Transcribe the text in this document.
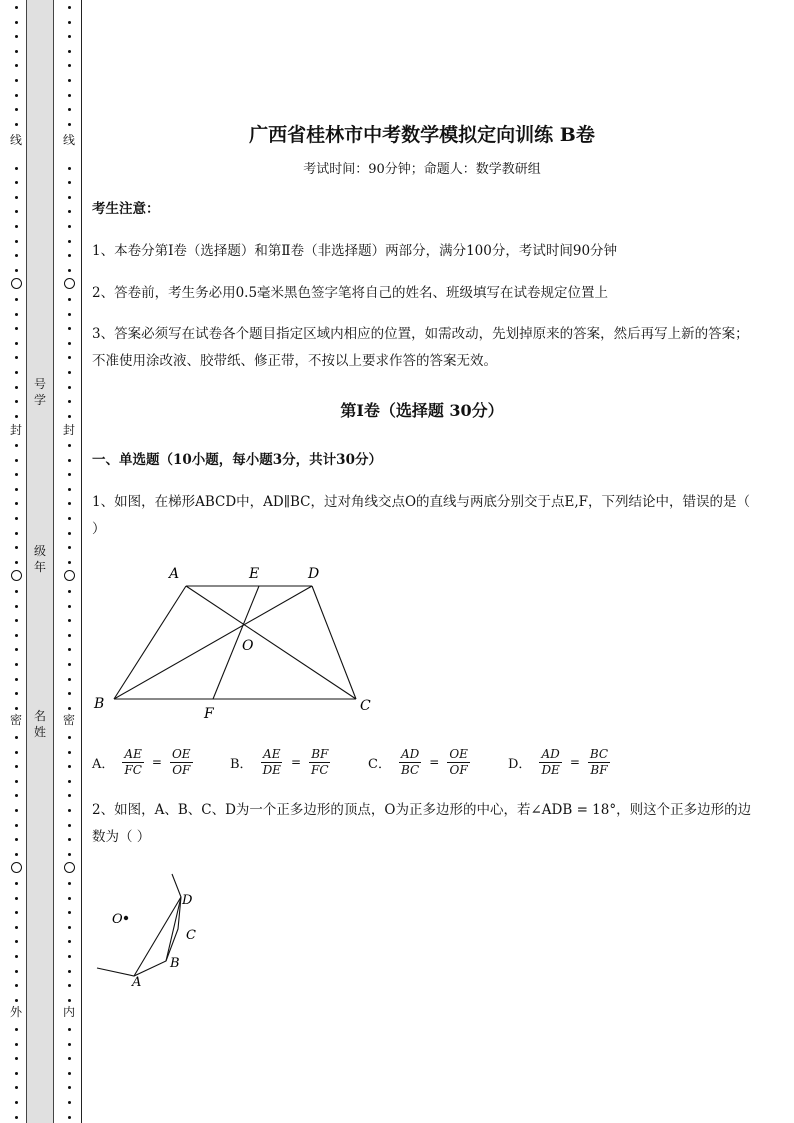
线
封
密
外
线
封
密
内
号
学
级
年
名
姓
广西省桂林市中考数学模拟定向训练 B卷
考试时间：90分钟；命题人：数学教研组
考生注意：
1、本卷分第I卷（选择题）和第Ⅱ卷（非选择题）两部分，满分100分，考试时间90分钟
2、答卷前，考生务必用0.5毫米黑色签字笔将自己的姓名、班级填写在试卷规定位置上
3、答案必须写在试卷各个题目指定区域内相应的位置，如需改动，先划掉原来的答案，然后再写上新的答案；不准使用涂改液、胶带纸、修正带，不按以上要求作答的答案无效。
第I卷（选择题 30分）
一、单选题（10小题，每小题3分，共计30分）
1、如图，在梯形ABCD中，AD∥BC，过对角线交点O的直线与两底分别交于点E,F，下列结论中，错误的是（ ）
A	E	D
O
B
F	C
A． $\frac{AE}{FC} = \frac{OE}{OF}$	B． $\frac{AE}{DE} = \frac{BF}{FC}$	C． $\frac{AD}{BC} = \frac{OE}{OF}$	D． $\frac{AD}{DE} = \frac{BC}{BF}$
2、如图，A、B、C、D为一个正多边形的顶点，O为正多边形的中心，若∠ADB = 18°，则这个正多边形的边数为（ ）
O
A
B
C
D
